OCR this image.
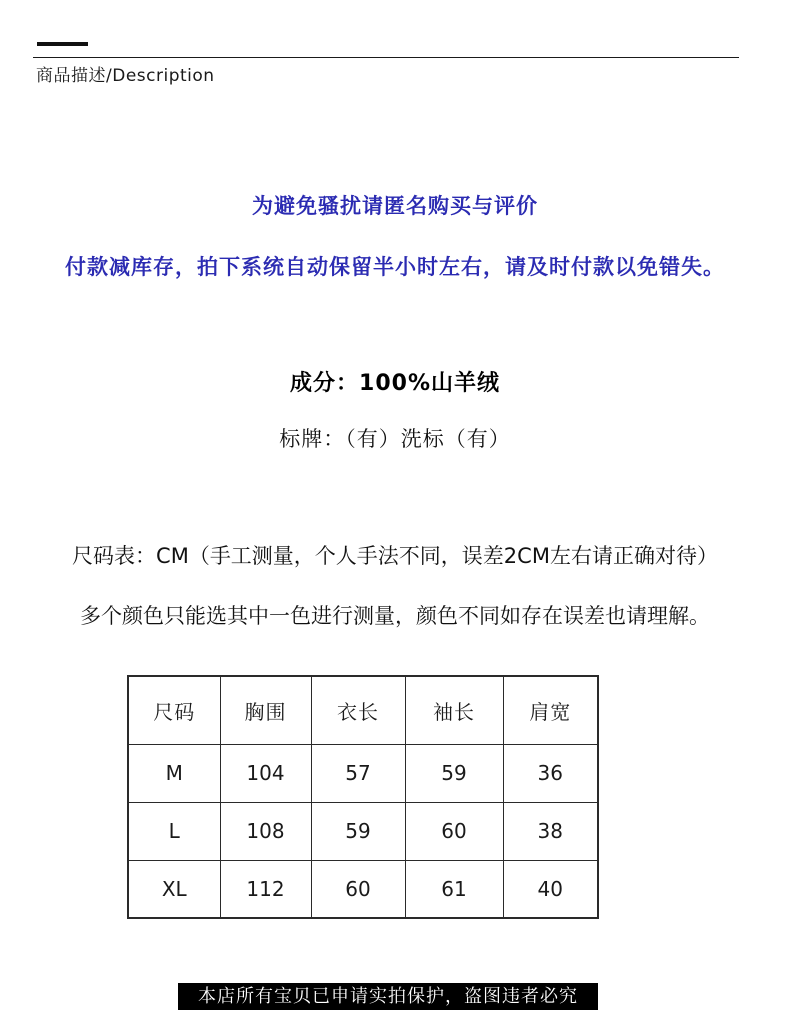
商品描述/Description

为避免骚扰请匿名购买与评价

付款减库存，拍下系统自动保留半小时左右，请及时付款以免错失。

成分：100%山羊绒

标牌：（有）洗标（有）

尺码表：CM（手工测量，个人手法不同，误差2CM左右请正确对待）

多个颜色只能选其中一色进行测量，颜色不同如存在误差也请理解。

尺码	胸围	衣长	袖长	肩宽
M	104	57	59	36
L	108	59	60	38
XL	112	60	61	40
本店所有宝贝已申请实拍保护，盗图违者必究
